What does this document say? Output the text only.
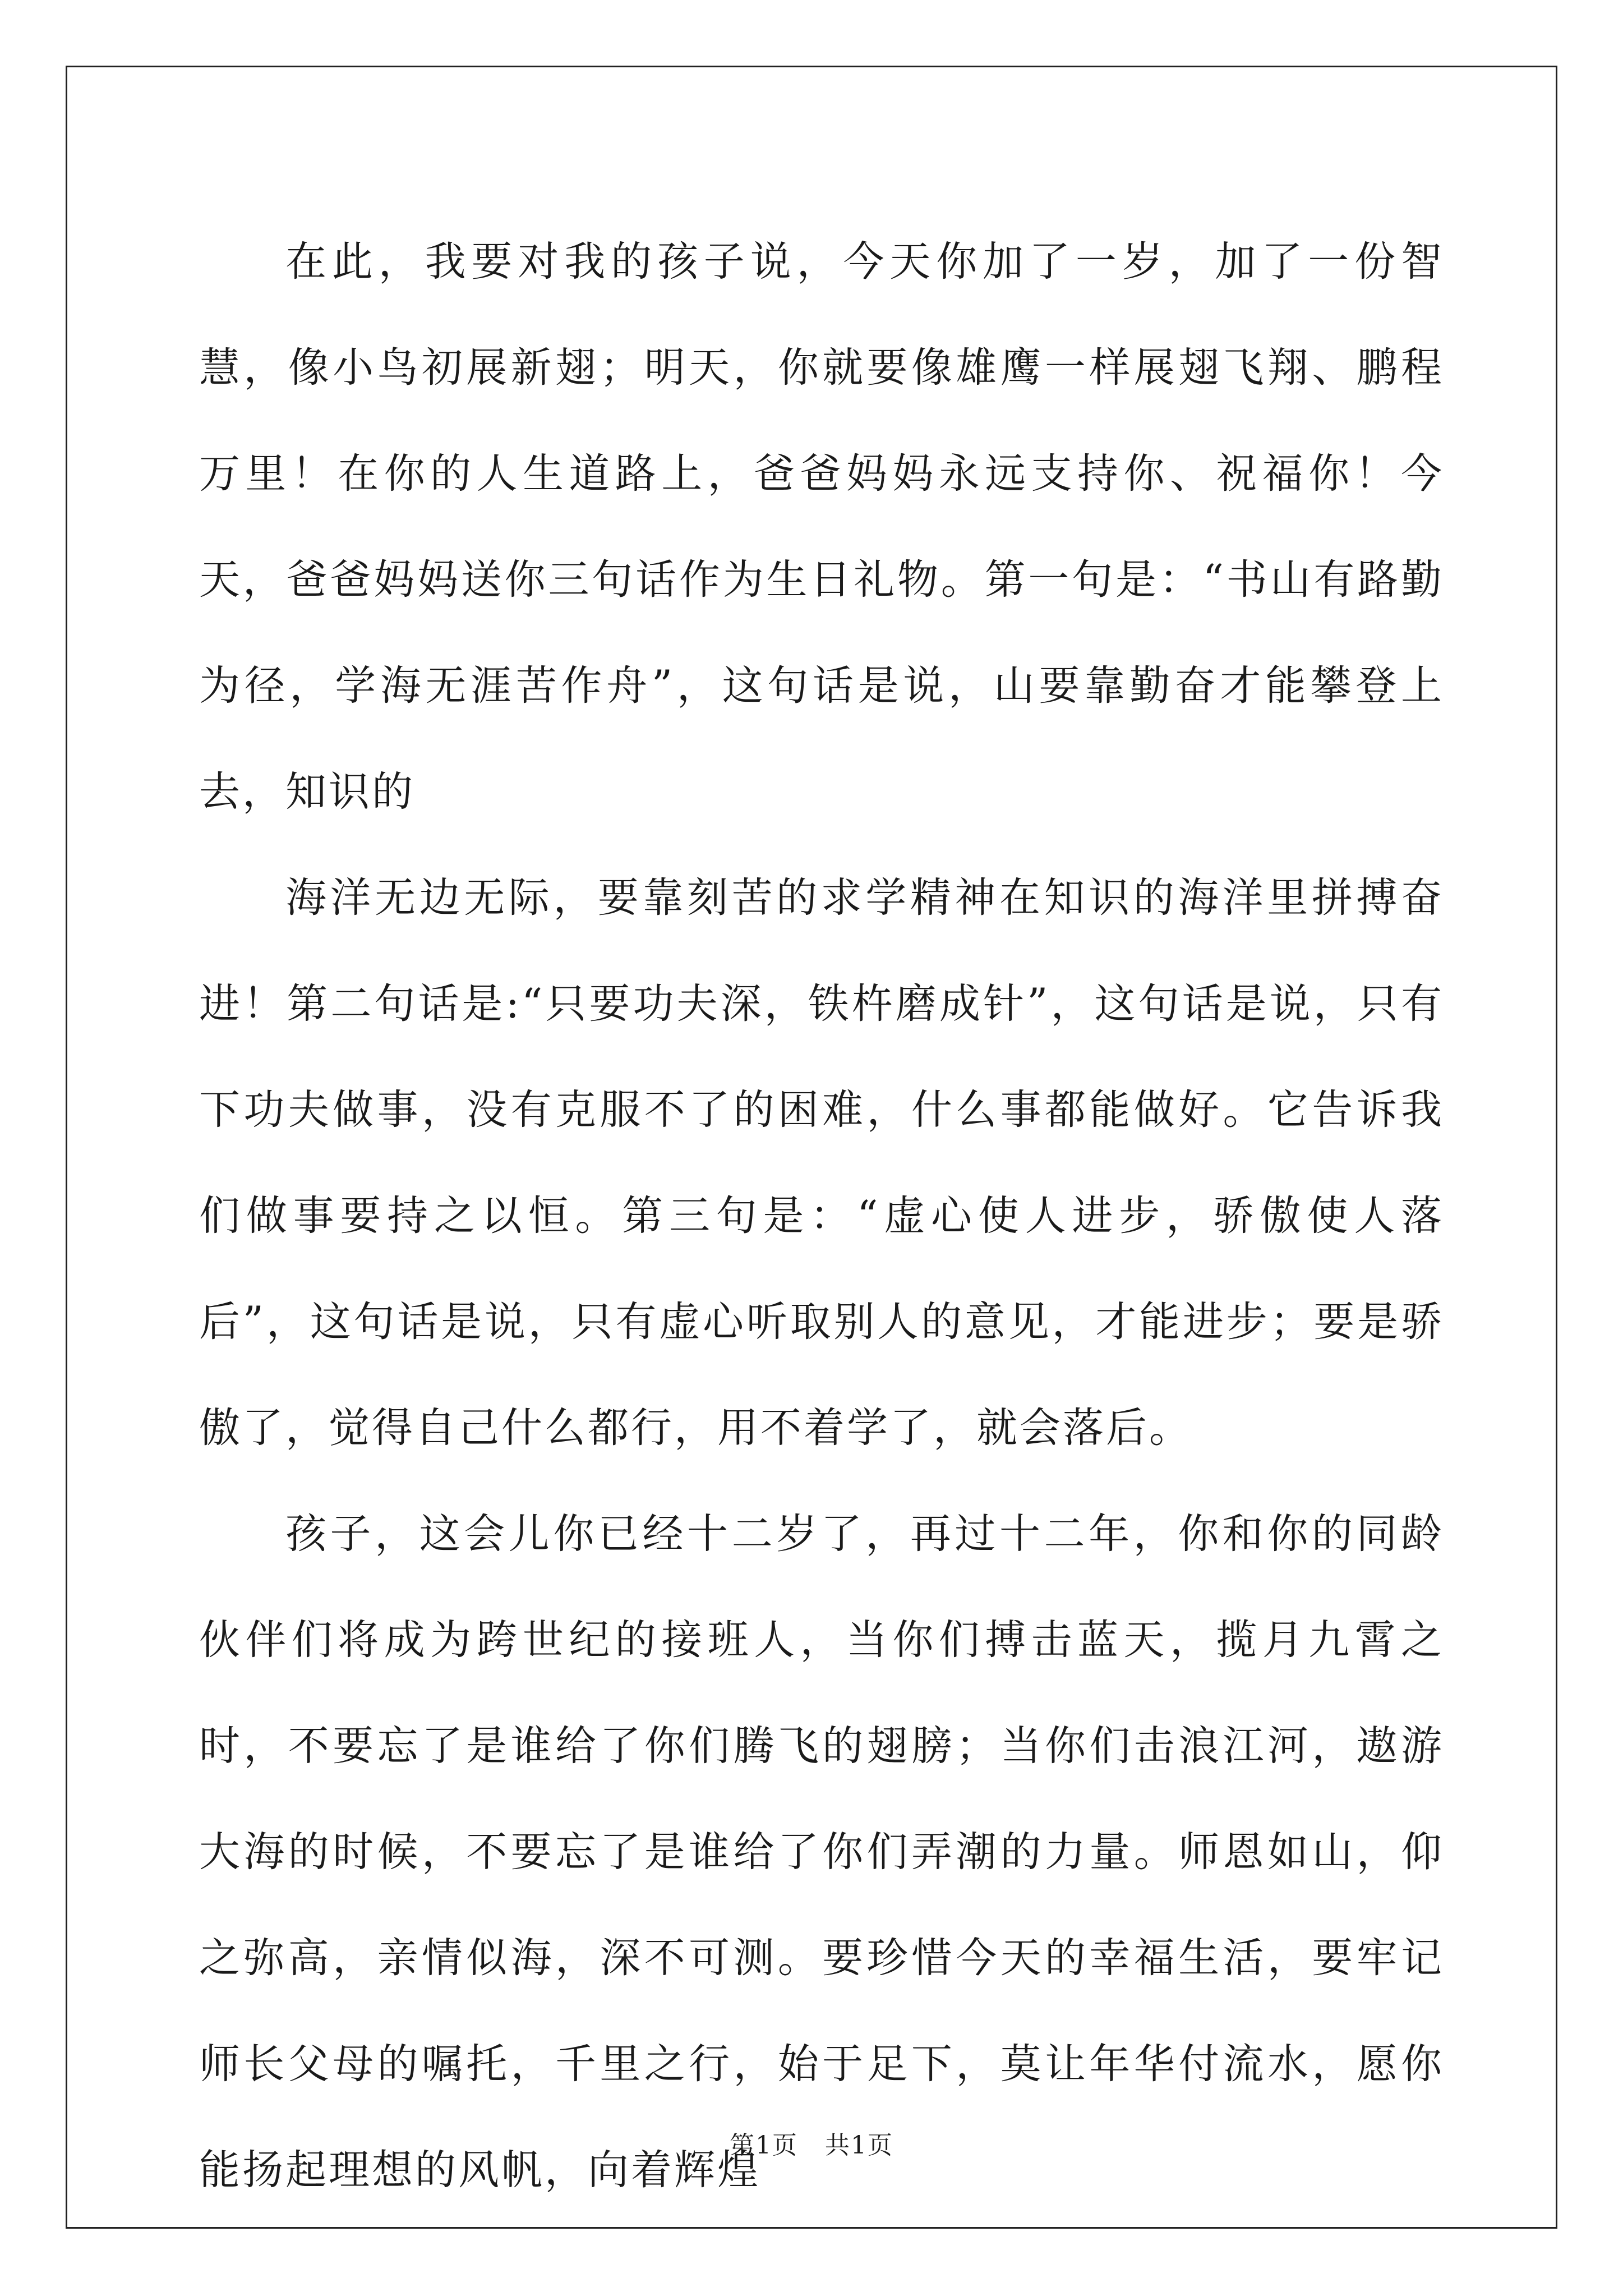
在此，我要对我的孩子说，今天你加了一岁，加了一份智慧，像小鸟初展新翅；明天，你就要像雄鹰一样展翅飞翔、鹏程万里！在你的人生道路上，爸爸妈妈永远支持你、祝福你！今天，爸爸妈妈送你三句话作为生日礼物。第一句是：“书山有路勤为径，学海无涯苦作舟”，这句话是说，山要靠勤奋才能攀登上去，知识的

海洋无边无际，要靠刻苦的求学精神在知识的海洋里拼搏奋进！第二句话是:“只要功夫深，铁杵磨成针”，这句话是说，只有下功夫做事，没有克服不了的困难，什么事都能做好。它告诉我们做事要持之以恒。第三句是：“虚心使人进步，骄傲使人落后”，这句话是说，只有虚心听取别人的意见，才能进步；要是骄傲了，觉得自己什么都行，用不着学了，就会落后。

孩子，这会儿你已经十二岁了，再过十二年，你和你的同龄伙伴们将成为跨世纪的接班人，当你们搏击蓝天，揽月九霄之时，不要忘了是谁给了你们腾飞的翅膀；当你们击浪江河，遨游大海的时候，不要忘了是谁给了你们弄潮的力量。师恩如山，仰之弥高，亲情似海，深不可测。要珍惜今天的幸福生活，要牢记师长父母的嘱托，千里之行，始于足下，莫让年华付流水，愿你能扬起理想的风帆，向着辉煌

第1页   共1页
